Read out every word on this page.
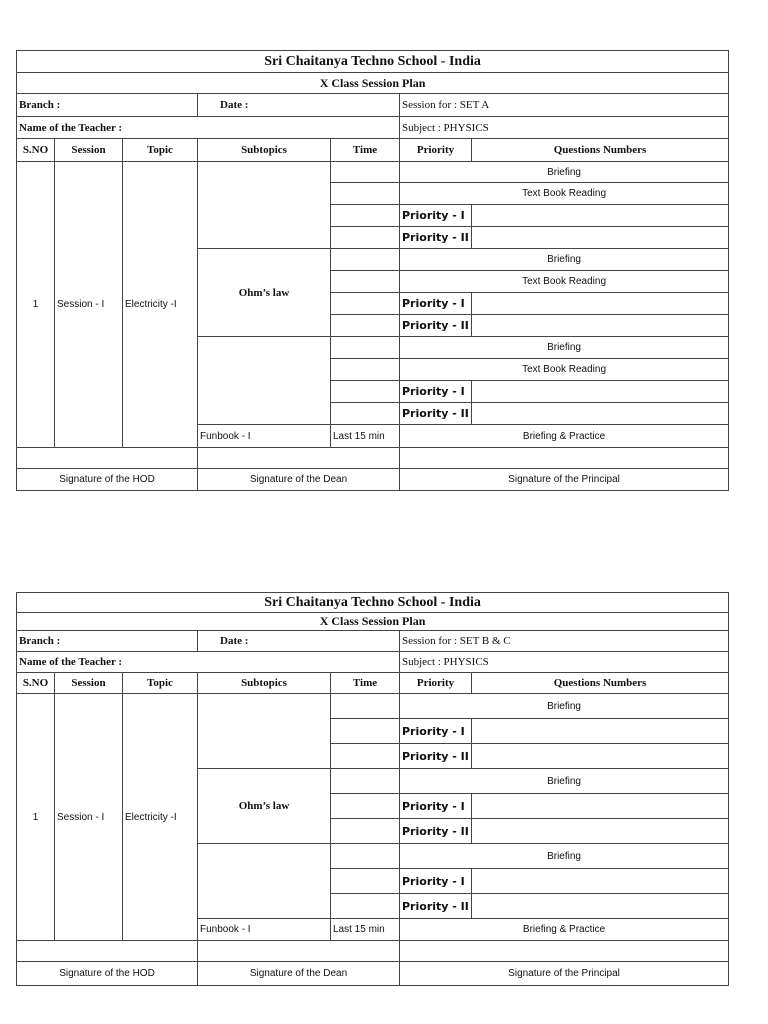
Sri Chaitanya Techno School - India						
X Class Session Plan						
Branch :			Date :		Session for : SET A	
Name of the Teacher :					Subject : PHYSICS	
S.NO	Session	Topic	Subtopics	Time	Priority	Questions Numbers
1	Session - I	Electricity -I			Briefing	
					Text Book Reading	
					Priority - I	
					Priority - II	
			Ohm’s law		Briefing	
					Text Book Reading	
					Priority - I	
					Priority - II	
					Briefing	
					Text Book Reading	
					Priority - I	
					Priority - II	
			Funbook - I	Last 15 min	Briefing & Practice	

Signature of the HOD			Signature of the Dean		Signature of the Principal	
Sri Chaitanya Techno School - India						
X Class Session Plan						
Branch :			Date :		Session for : SET B & C	
Name of the Teacher :					Subject : PHYSICS	
S.NO	Session	Topic	Subtopics	Time	Priority	Questions Numbers
1	Session - I	Electricity -I			Briefing	
					Priority - I	
					Priority - II	
			Ohm’s law		Briefing	
					Priority - I	
					Priority - II	
					Briefing	
					Priority - I	
					Priority - II	
			Funbook - I	Last 15 min	Briefing & Practice	

Signature of the HOD			Signature of the Dean		Signature of the Principal	
